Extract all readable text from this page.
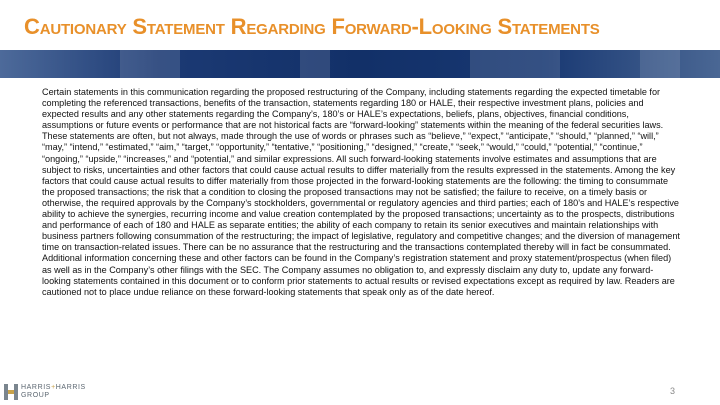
Cautionary Statement Regarding Forward-Looking Statements
Certain statements in this communication regarding the proposed restructuring of the Company, including statements regarding the expected timetable for completing the referenced transactions, benefits of the transaction, statements regarding 180 or HALE, their respective investment plans, policies and expected results and any other statements regarding the Company’s, 180’s or HALE’s expectations, beliefs, plans, objectives, financial conditions, assumptions or future events or performance that are not historical facts are “forward-looking” statements within the meaning of the federal securities laws. These statements are often, but not always, made through the use of words or phrases such as “believe,” “expect,” “anticipate,” “should,” “planned,” “will,” “may,” “intend,” “estimated,” “aim,” “target,” “opportunity,” “tentative,” “positioning,” “designed,” “create,” “seek,” “would,” “could,” “potential,” “continue,” “ongoing,” “upside,” “increases,” and “potential,” and similar expressions. All such forward-looking statements involve estimates and assumptions that are subject to risks, uncertainties and other factors that could cause actual results to differ materially from the results expressed in the statements. Among the key factors that could cause actual results to differ materially from those projected in the forward-looking statements are the following: the timing to consummate the proposed transactions; the risk that a condition to closing the proposed transactions may not be satisfied; the failure to receive, on a timely basis or otherwise, the required approvals by the Company’s stockholders, governmental or regulatory agencies and third parties; each of 180’s and HALE’s respective ability to achieve the synergies, recurring income and value creation contemplated by the proposed transactions; uncertainty as to the prospects, distributions and performance of each of 180 and HALE as separate entities; the ability of each company to retain its senior executives and maintain relationships with business partners following consummation of the restructuring; the impact of legislative, regulatory and competitive changes; and the diversion of management time on transaction-related issues. There can be no assurance that the restructuring and the transactions contemplated thereby will in fact be consummated. Additional information concerning these and other factors can be found in the Company’s registration statement and proxy statement/prospectus (when filed) as well as in the Company’s other filings with the SEC. The Company assumes no obligation to, and expressly disclaim any duty to, update any forward-looking statements contained in this document or to conform prior statements to actual results or revised expectations except as required by law. Readers are cautioned not to place undue reliance on these forward-looking statements that speak only as of the date hereof.
HARRIS+HARRIS
GROUP	3
